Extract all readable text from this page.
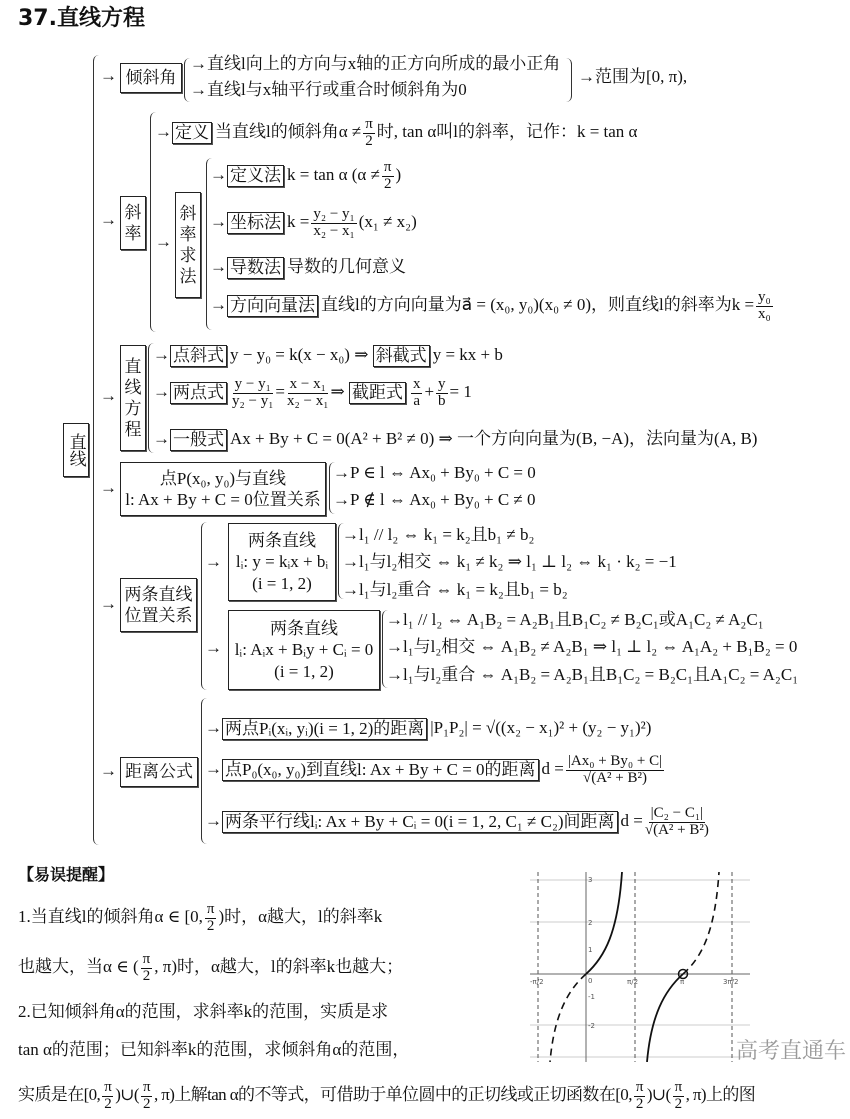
37.直线方程
直线
→ 倾斜角
→直线l向上的方向与x轴的正方向所成的最小正角
→直线l与x轴平行或重合时倾斜角为0
→范围为[0, π),
→ 斜
率
→ 定义 当直线l的倾斜角$\alpha \ne \frac{\pi}{2}$ 时, tan α叫l的斜率，记作：k = tan α
→
斜
率
求
法
→ 定义法 k = tan α ($\alpha \ne \frac{\pi}{2}$ )
→ 坐标法 $k = \frac{\text{y₂ − y₁}}{\text{x₂ − x₁}} (x_1 \ne x_2)$
→ 导数法 导数的几何意义
→ 方向向量法 直线l的方向向量为a⃗ = (x₀, y₀)(x₀ ≠ 0)，则直线l的斜率为$k = \frac{\text{y₀}}{\text{x₀}}$
→
直
线
方
程
→ 点斜式 y − y₀ = k(x − x₀) ⇒ 斜截式 y = kx + b
→ 两点式 $\frac{\text{y − y₁}}{\text{y₂ − y₁}} = \frac{\text{x − x₁}}{\text{x₂ − x₁}}$ ⇒ 截距式 $\frac{x}{a} + \frac{y}{b} = 1$
→ 一般式 Ax + By + C = 0(A² + B² ≠ 0) ⇒ 一个方向向量为(B, −A)，法向量为(A, B)
→	点P(x₀, y₀)与直线
l: Ax + By + C = 0位置关系
→P ∈ l ⇔ Ax₀ + By₀ + C = 0
→P ∉ l ⇔ Ax₀ + By₀ + C ≠ 0
→ 两条直线
位置关系
→
两条直线
lᵢ: y = kᵢx + bᵢ
(i = 1, 2)
→l₁ // l₂ ⇔ k₁ = k₂且b₁ ≠ b₂
→l₁与l₂相交 ⇔ k₁ ≠ k₂ ⇒ l₁ ⊥ l₂ ⇔ k₁ · k₂ = −1
→l₁与l₂重合 ⇔ k₁ = k₂且b₁ = b₂
→
两条直线
lᵢ: Aᵢx + Bᵢy + Cᵢ = 0
(i = 1, 2)
→l₁ // l₂ ⇔ A₁B₂ = A₂B₁且B₁C₂ ≠ B₂C₁或A₁C₂ ≠ A₂C₁
→l₁与l₂相交 ⇔ A₁B₂ ≠ A₂B₁ ⇒ l₁ ⊥ l₂ ⇔ A₁A₂ + B₁B₂ = 0
→l₁与l₂重合 ⇔ A₁B₂ = A₂B₁且B₁C₂ = B₂C₁且A₁C₂ = A₂C₁
→ 距离公式
→ 两点Pᵢ(xᵢ, yᵢ)(i = 1, 2)的距离 |P₁P₂| = √((x₂ − x₁)² + (y₂ − y₁)²)
→ 点P₀(x₀, y₀)到直线l: Ax + By + C = 0的距离 $d = \frac{\text{|Ax₀ + By₀ + C|}}{\text{√(A² + B²)}}$
→ 两条平行线lᵢ: Ax + By + Cᵢ = 0(i = 1, 2, C₁ ≠ C₂)间距离 $d = \frac{\text{|C₂ − C₁|}}{\text{√(A² + B²)}}$
【易误提醒】
1.当直线l的倾斜角α ∈ [0, $\frac{\pi}{2}$ )时，α越大，l的斜率k
也越大，当α ∈ ( $\frac{\pi}{2}$ , π)时，α越大，l的斜率k也越大；
2.已知倾斜角α的范围，求斜率k的范围，实质是求
tan α的范围；已知斜率k的范围，求倾斜角α的范围，
实质是在[0, $\frac{\pi}{2}$ )∪( $\frac{\pi}{2}$ , π)上解tan α的不等式，可借助于单位圆中的正切线或正切函数在[0, $\frac{\pi}{2}$ )∪( $\frac{\pi}{2}$ , π)上的图
3
2
1
-1
-2
-π/2	0	π/2	π	3π/2
高考直通车
